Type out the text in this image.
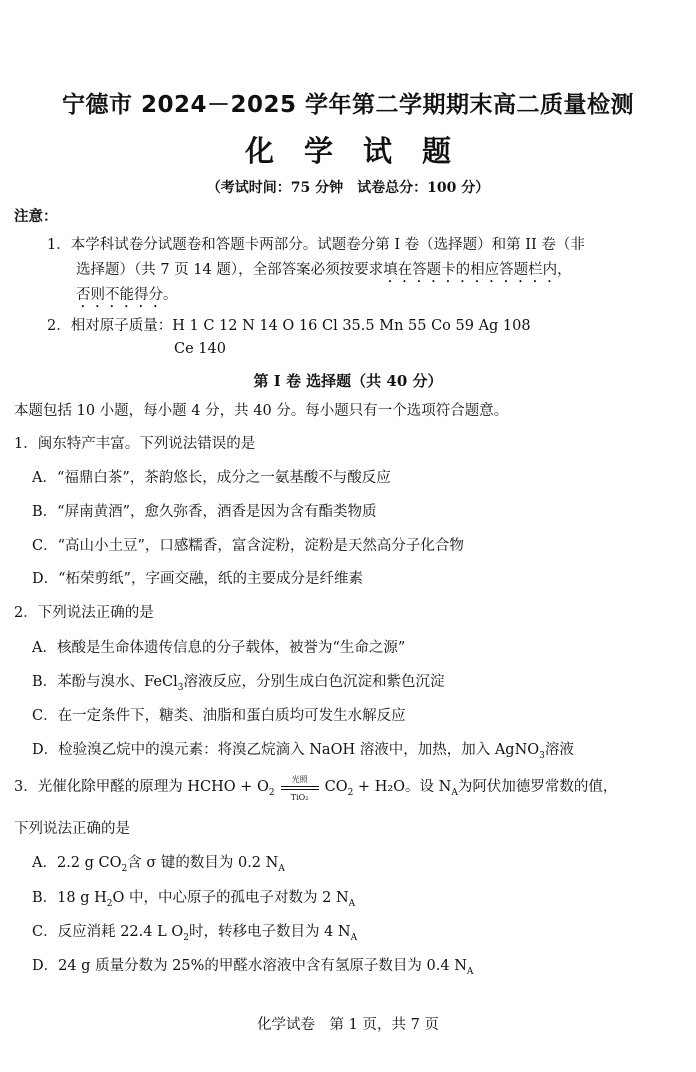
宁德市 2024－2025 学年第二学期期末高二质量检测
化学试题
（考试时间：75 分钟　试卷总分：100 分）
注意：
1．本学科试卷分试题卷和答题卡两部分。试题卷分第 I 卷（选择题）和第 II 卷（非
选择题）（共 7 页 14 题），全部答案必须按要求填在答题卡的相应答题栏内，
否则不能得分。
2．相对原子质量：H 1 C 12 N 14 O 16 Cl 35.5 Mn 55 Co 59 Ag 108
Ce 140
第 I 卷 选择题（共 40 分）
本题包括 10 小题，每小题 4 分，共 40 分。每小题只有一个选项符合题意。
1．闽东特产丰富。下列说法错误的是
A．“福鼎白茶”，茶韵悠长，成分之一氨基酸不与酸反应
B．“屏南黄酒”，愈久弥香，酒香是因为含有酯类物质
C．“高山小土豆”，口感糯香，富含淀粉，淀粉是天然高分子化合物
D．“柘荣剪纸”，字画交融，纸的主要成分是纤维素
2．下列说法正确的是
A．核酸是生命体遗传信息的分子载体，被誉为“生命之源”
B．苯酚与溴水、FeCl$_3$溶液反应，分别生成白色沉淀和紫色沉淀
C．在一定条件下，糖类、油脂和蛋白质均可发生水解反应
D．检验溴乙烷中的溴元素：将溴乙烷滴入 NaOH 溶液中，加热，加入 AgNO$_3$溶液
3．光催化除甲醛的原理为 HCHO + $O_2$
光照
TiO₂
$CO_2 + H_2O$。设 $N_A$为阿伏加德罗常数的值，
下列说法正确的是
A．2.2 g $CO_2$含 σ 键的数目为 0.2 $N_A$
B．18 g $H_2O$ 中，中心原子的孤电子对数为 2 $N_A$
C．反应消耗 22.4 L $O_2$时，转移电子数目为 4 $N_A$
D．24 g 质量分数为 25%的甲醛水溶液中含有氢原子数目为 0.4 $N_A$
化学试卷　第 1 页，共 7 页
